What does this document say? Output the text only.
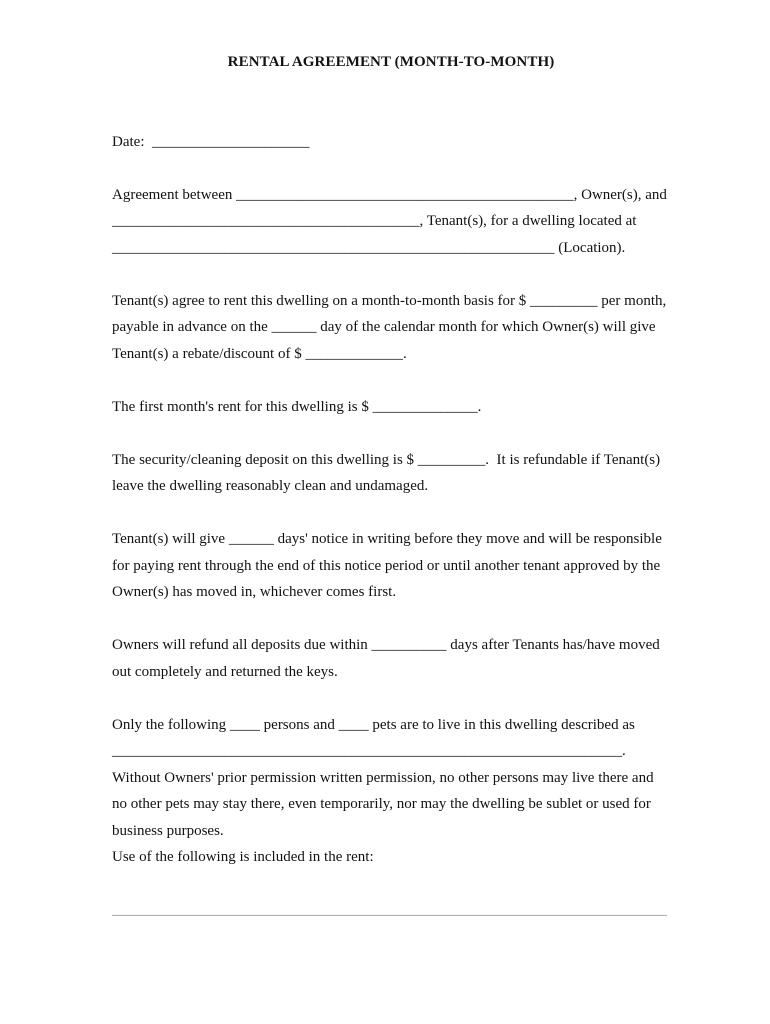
RENTAL AGREEMENT (MONTH-TO-MONTH)
Date:  _____________________
Agreement between _____________________________________________, Owner(s), and
_________________________________________, Tenant(s), for a dwelling located at
___________________________________________________________ (Location).
Tenant(s) agree to rent this dwelling on a month-to-month basis for $ _________ per month,
payable in advance on the ______ day of the calendar month for which Owner(s) will give
Tenant(s) a rebate/discount of $ _____________.
The first month's rent for this dwelling is $ ______________.
The security/cleaning deposit on this dwelling is $ _________.  It is refundable if Tenant(s)
leave the dwelling reasonably clean and undamaged.
Tenant(s) will give ______ days' notice in writing before they move and will be responsible
for paying rent through the end of this notice period or until another tenant approved by the
Owner(s) has moved in, whichever comes first.
Owners will refund all deposits due within __________ days after Tenants has/have moved
out completely and returned the keys.
Only the following ____ persons and ____ pets are to live in this dwelling described as
____________________________________________________________________.
Without Owners' prior permission written permission, no other persons may live there and
no other pets may stay there, even temporarily, nor may the dwelling be sublet or used for
business purposes.
Use of the following is included in the rent:
__________________________________________________________________________
